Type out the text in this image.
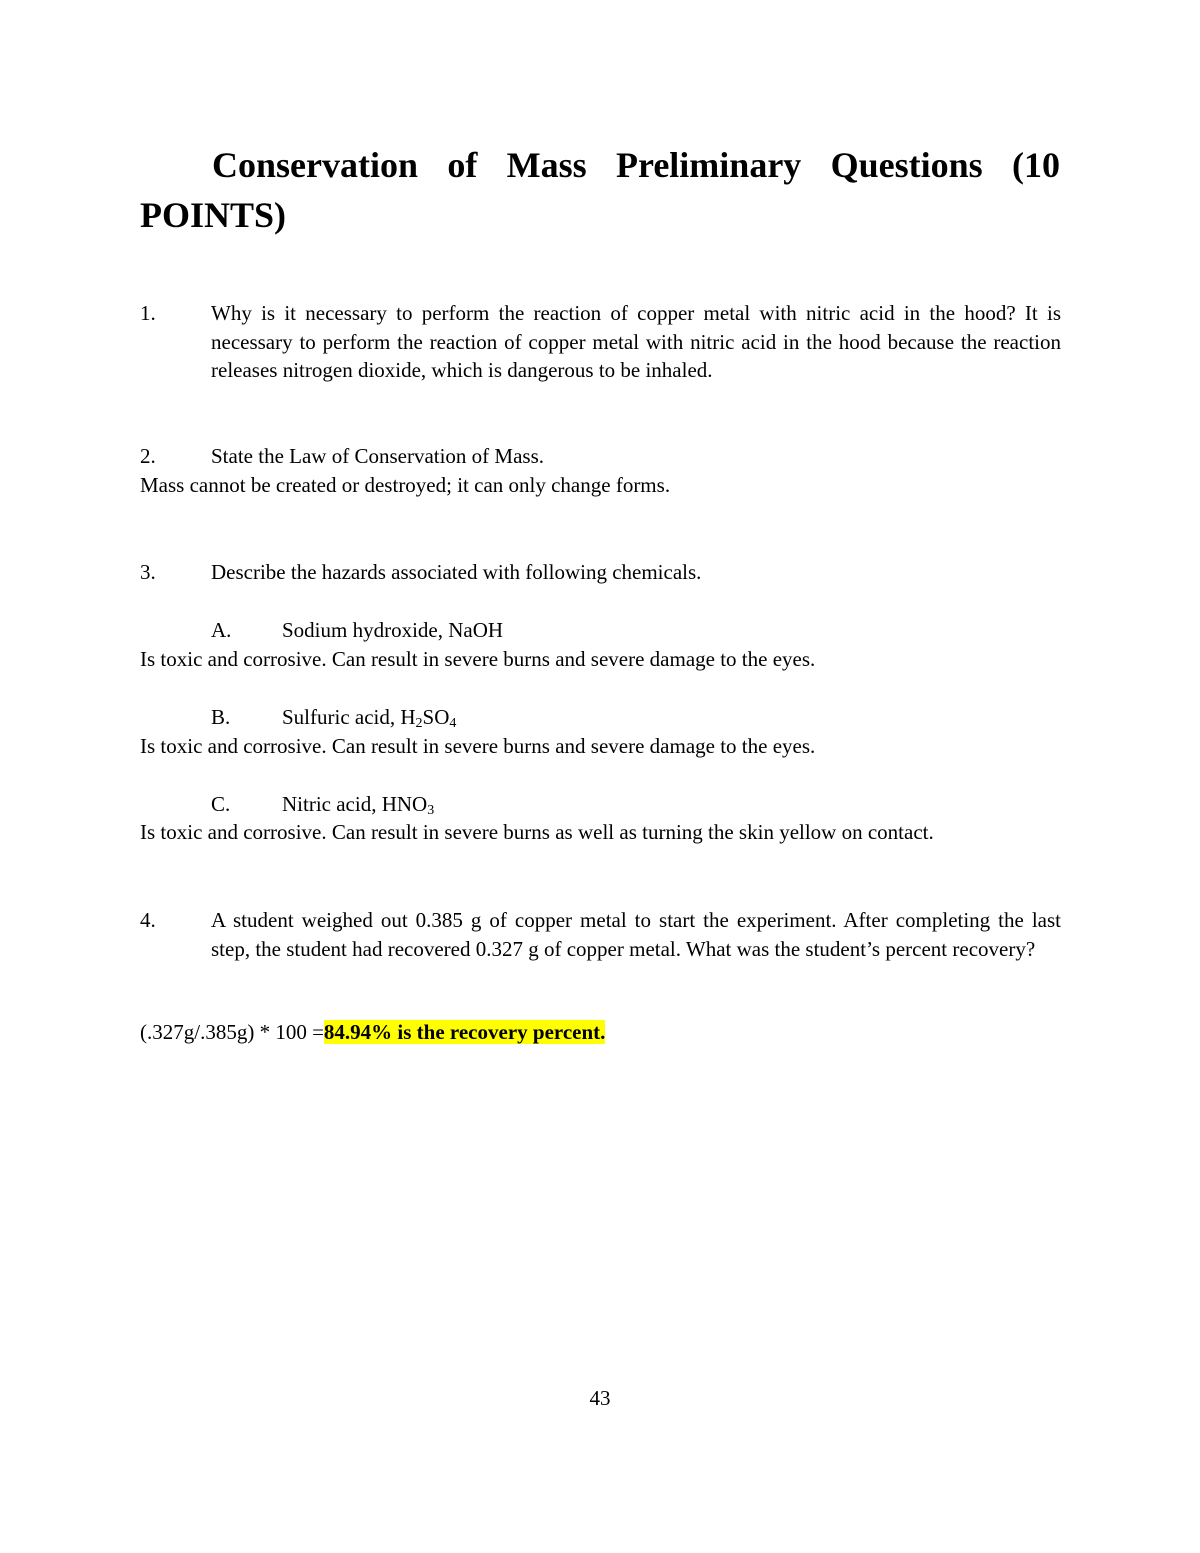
Conservation of Mass Preliminary Questions (10 POINTS)
1.	Why is it necessary to perform the reaction of copper metal with nitric acid in the hood? It is necessary to perform the reaction of copper metal with nitric acid in the hood because the reaction releases nitrogen dioxide, which is dangerous to be inhaled.
2.	State the Law of Conservation of Mass.
Mass cannot be created or destroyed; it can only change forms.
3.	Describe the hazards associated with following chemicals.
A. Sodium hydroxide, NaOH
Is toxic and corrosive. Can result in severe burns and severe damage to the eyes.
B. Sulfuric acid, $H_2SO_4$
Is toxic and corrosive. Can result in severe burns and severe damage to the eyes.
C. Nitric acid, $HNO_3$
Is toxic and corrosive. Can result in severe burns as well as turning the skin yellow on contact.
4.	A student weighed out 0.385 g of copper metal to start the experiment. After completing the last step, the student had recovered 0.327 g of copper metal. What was the student’s percent recovery?
(.327g/.385g) * 100 =84.94% is the recovery percent.
43
